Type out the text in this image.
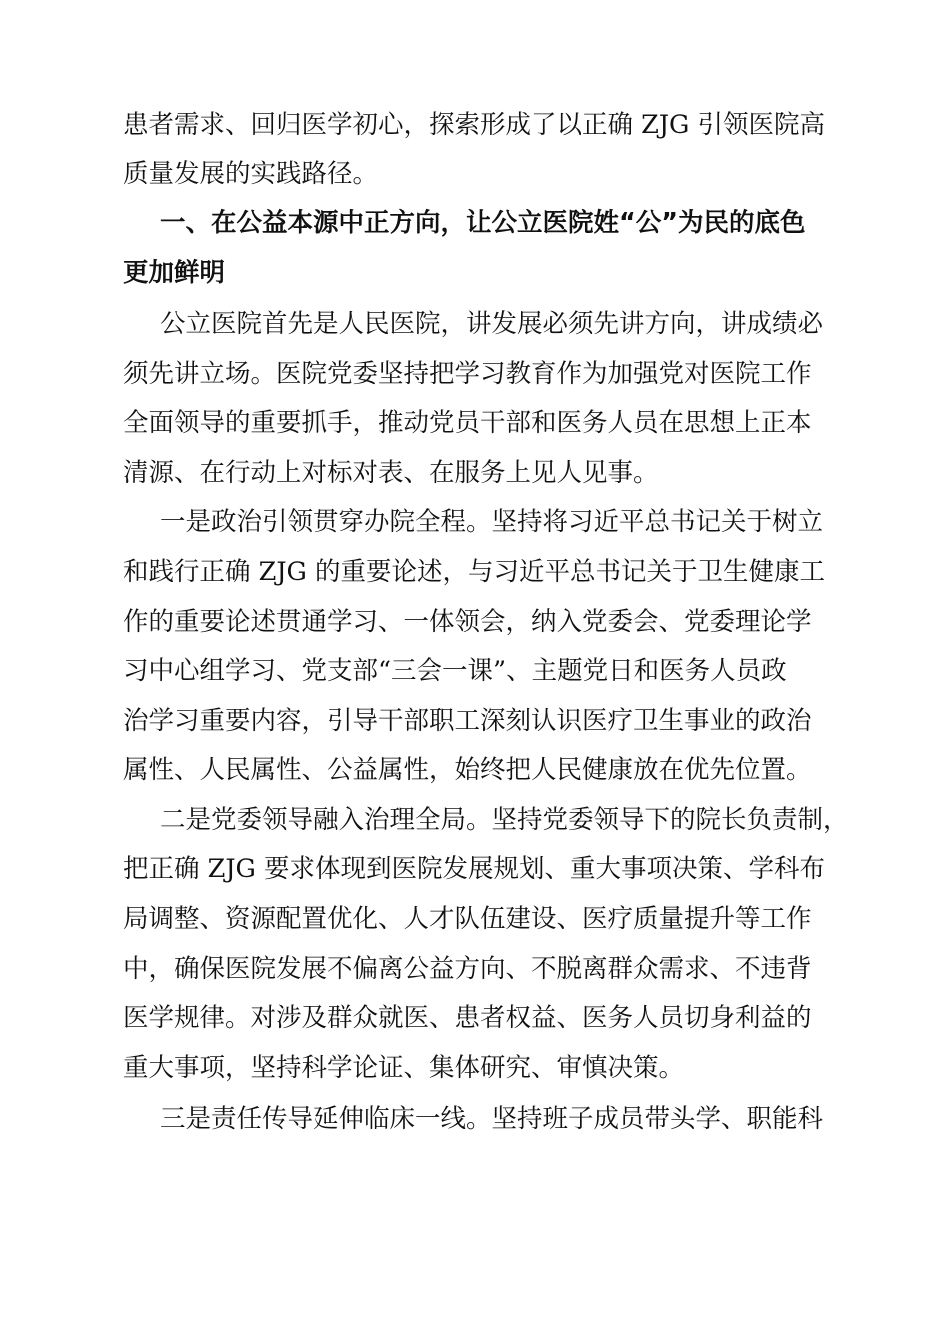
患者需求、回归医学初心，探索形成了以正确 ZJG 引领医院高
质量发展的实践路径。
一、在公益本源中正方向，让公立医院姓“公”为民的底色
更加鲜明
公立医院首先是人民医院，讲发展必须先讲方向，讲成绩必
须先讲立场。医院党委坚持把学习教育作为加强党对医院工作
全面领导的重要抓手，推动党员干部和医务人员在思想上正本
清源、在行动上对标对表、在服务上见人见事。
一是政治引领贯穿办院全程。坚持将习近平总书记关于树立
和践行正确 ZJG 的重要论述，与习近平总书记关于卫生健康工
作的重要论述贯通学习、一体领会，纳入党委会、党委理论学
习中心组学习、党支部“三会一课”、主题党日和医务人员政
治学习重要内容，引导干部职工深刻认识医疗卫生事业的政治
属性、人民属性、公益属性，始终把人民健康放在优先位置。
二是党委领导融入治理全局。坚持党委领导下的院长负责制，
把正确 ZJG 要求体现到医院发展规划、重大事项决策、学科布
局调整、资源配置优化、人才队伍建设、医疗质量提升等工作
中，确保医院发展不偏离公益方向、不脱离群众需求、不违背
医学规律。对涉及群众就医、患者权益、医务人员切身利益的
重大事项，坚持科学论证、集体研究、审慎决策。
三是责任传导延伸临床一线。坚持班子成员带头学、职能科
